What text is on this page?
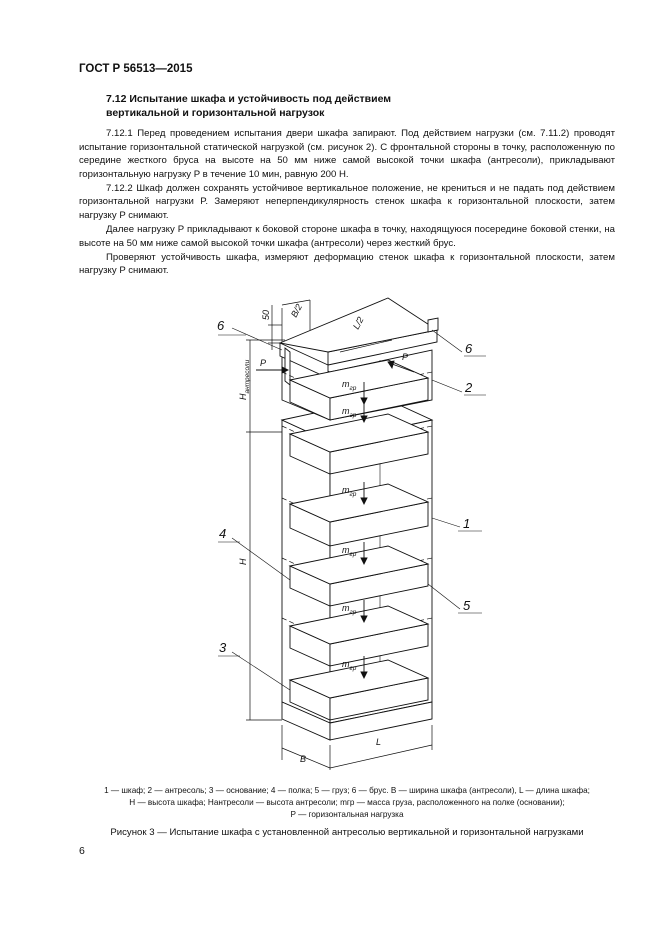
ГОСТ Р 56513—2015
7.12 Испытание шкафа и устойчивость под действием
вертикальной и горизонтальной нагрузок

7.12.1 Перед проведением испытания двери шкафа запирают. Под действием нагрузки (см. 7.11.2) проводят испытание горизонтальной статической нагрузкой (см. рисунок 2). С фронтальной стороны в точку, расположенную по середине жесткого бруса на высоте на 50 мм ниже самой высокой точки шкафа (антресоли), прикладывают горизонтальную нагрузку P в течение 10 мин, равную 200 Н.

7.12.2 Шкаф должен сохранять устойчивое вертикальное положение, не крениться и не падать под действием горизонтальной нагрузки P. Замеряют неперпендикулярность стенок шкафа к горизонтальной плоскости, затем нагрузку P снимают.

Далее нагрузку P прикладывают к боковой стороне шкафа в точку, находящуюся посередине боковой стенки, на высоте на 50 мм ниже самой высокой точки шкафа (антресоли) через жесткий брус.

Проверяют устойчивость шкафа, измеряют деформацию стенок шкафа к горизонтальной плоскости, затем нагрузку P снимают.

$m_{гр}$
$m_{гр}$
$m_{гр}$
$m_{гр}$
$m_{гр}$
$m_{гр}$
6
6
2
1
4
5
3
B/2
L/2
50
P
P
$H_{антресоли}$
H
B
L

1 — шкаф; 2 — антресоль; 3 — основание; 4 — полка; 5 — груз; 6 — брус. B — ширина шкафа (антресоли), L — длина шкафа;

H — высота шкафа; Hантресоли — высота антресоли; mгр — масса груза, расположенного на полке (основании);

P — горизонтальная нагрузка

Рисунок 3 — Испытание шкафа с установленной антресолью вертикальной и горизонтальной нагрузками
6
